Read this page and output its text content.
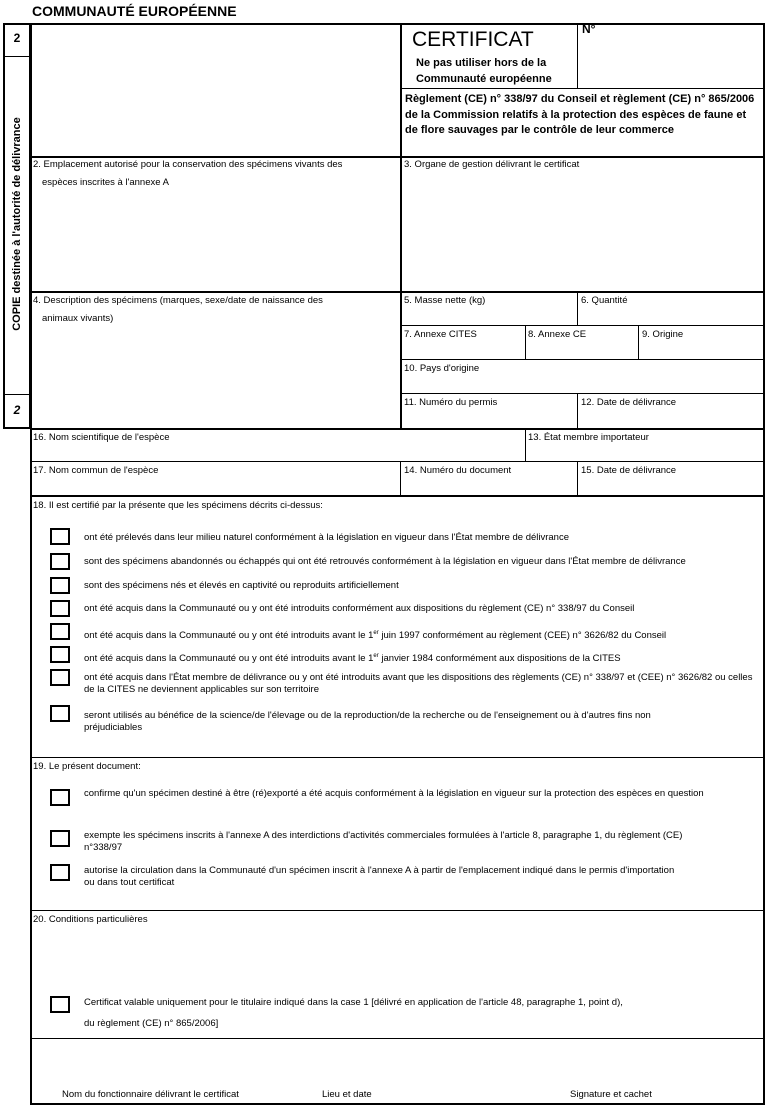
COMMUNAUTÉ EUROPÉENNE
2
2
COPIE destinée à l'autorité de délivrance
CERTIFICAT	N°
Ne pas utiliser hors de la
Communauté européenne
Règlement (CE) n° 338/97 du Conseil et règlement (CE) n° 865/2006 de la Commission relatifs à la protection des espèces de faune et de flore sauvages par le contrôle de leur commerce
2. Emplacement autorisé pour la conservation des spécimens vivants des
espèces inscrites à l'annexe A
3. Organe de gestion délivrant le certificat
4. Description des spécimens (marques, sexe/date de naissance des
animaux vivants)
5. Masse nette (kg)	6. Quantité
7. Annexe CITES	8. Annexe CE	9. Origine
10. Pays d'origine
11. Numéro du permis	12. Date de délivrance
16. Nom scientifique de l'espèce	13. État membre importateur
17. Nom commun de l'espèce	14. Numéro du document	15. Date de délivrance
18. Il est certifié par la présente que les spécimens décrits ci-dessus:
ont été prélevés dans leur milieu naturel conformément à la législation en vigueur dans l'État membre de délivrance
sont des spécimens abandonnés ou échappés qui ont été retrouvés conformément à la législation en vigueur dans l'État membre de délivrance
sont des spécimens nés et élevés en captivité ou reproduits artificiellement
ont été acquis dans la Communauté ou y ont été introduits conformément aux dispositions du règlement (CE) n° 338/97 du Conseil
ont été acquis dans la Communauté ou y ont été introduits avant le 1er juin 1997 conformément au règlement (CEE) n° 3626/82 du Conseil
ont été acquis dans la Communauté ou y ont été introduits avant le 1er janvier 1984 conformément aux dispositions de la CITES
ont été acquis dans l'État membre de délivrance ou y ont été introduits avant que les dispositions des règlements (CE) n° 338/97 et (CEE) n° 3626/82 ou celles de la CITES ne deviennent applicables sur son territoire
seront utilisés au bénéfice de la science/de l'élevage ou de la reproduction/de la recherche ou de l'enseignement ou à d'autres fins non préjudiciables
19. Le présent document:
confirme qu'un spécimen destiné à être (ré)exporté a été acquis conformément à la législation en vigueur sur la protection des espèces en question
exempte les spécimens inscrits à l'annexe A des interdictions d'activités commerciales formulées à l'article 8, paragraphe 1, du règlement (CE) n°338/97
autorise la circulation dans la Communauté d'un spécimen inscrit à l'annexe A à partir de l'emplacement indiqué dans le permis d'importation ou dans tout certificat
20. Conditions particulières
Certificat valable uniquement pour le titulaire indiqué dans la case 1 [délivré en application de l'article 48, paragraphe 1, point d),
du règlement (CE) n° 865/2006]
Nom du fonctionnaire délivrant le certificat	Lieu et date	Signature et cachet
